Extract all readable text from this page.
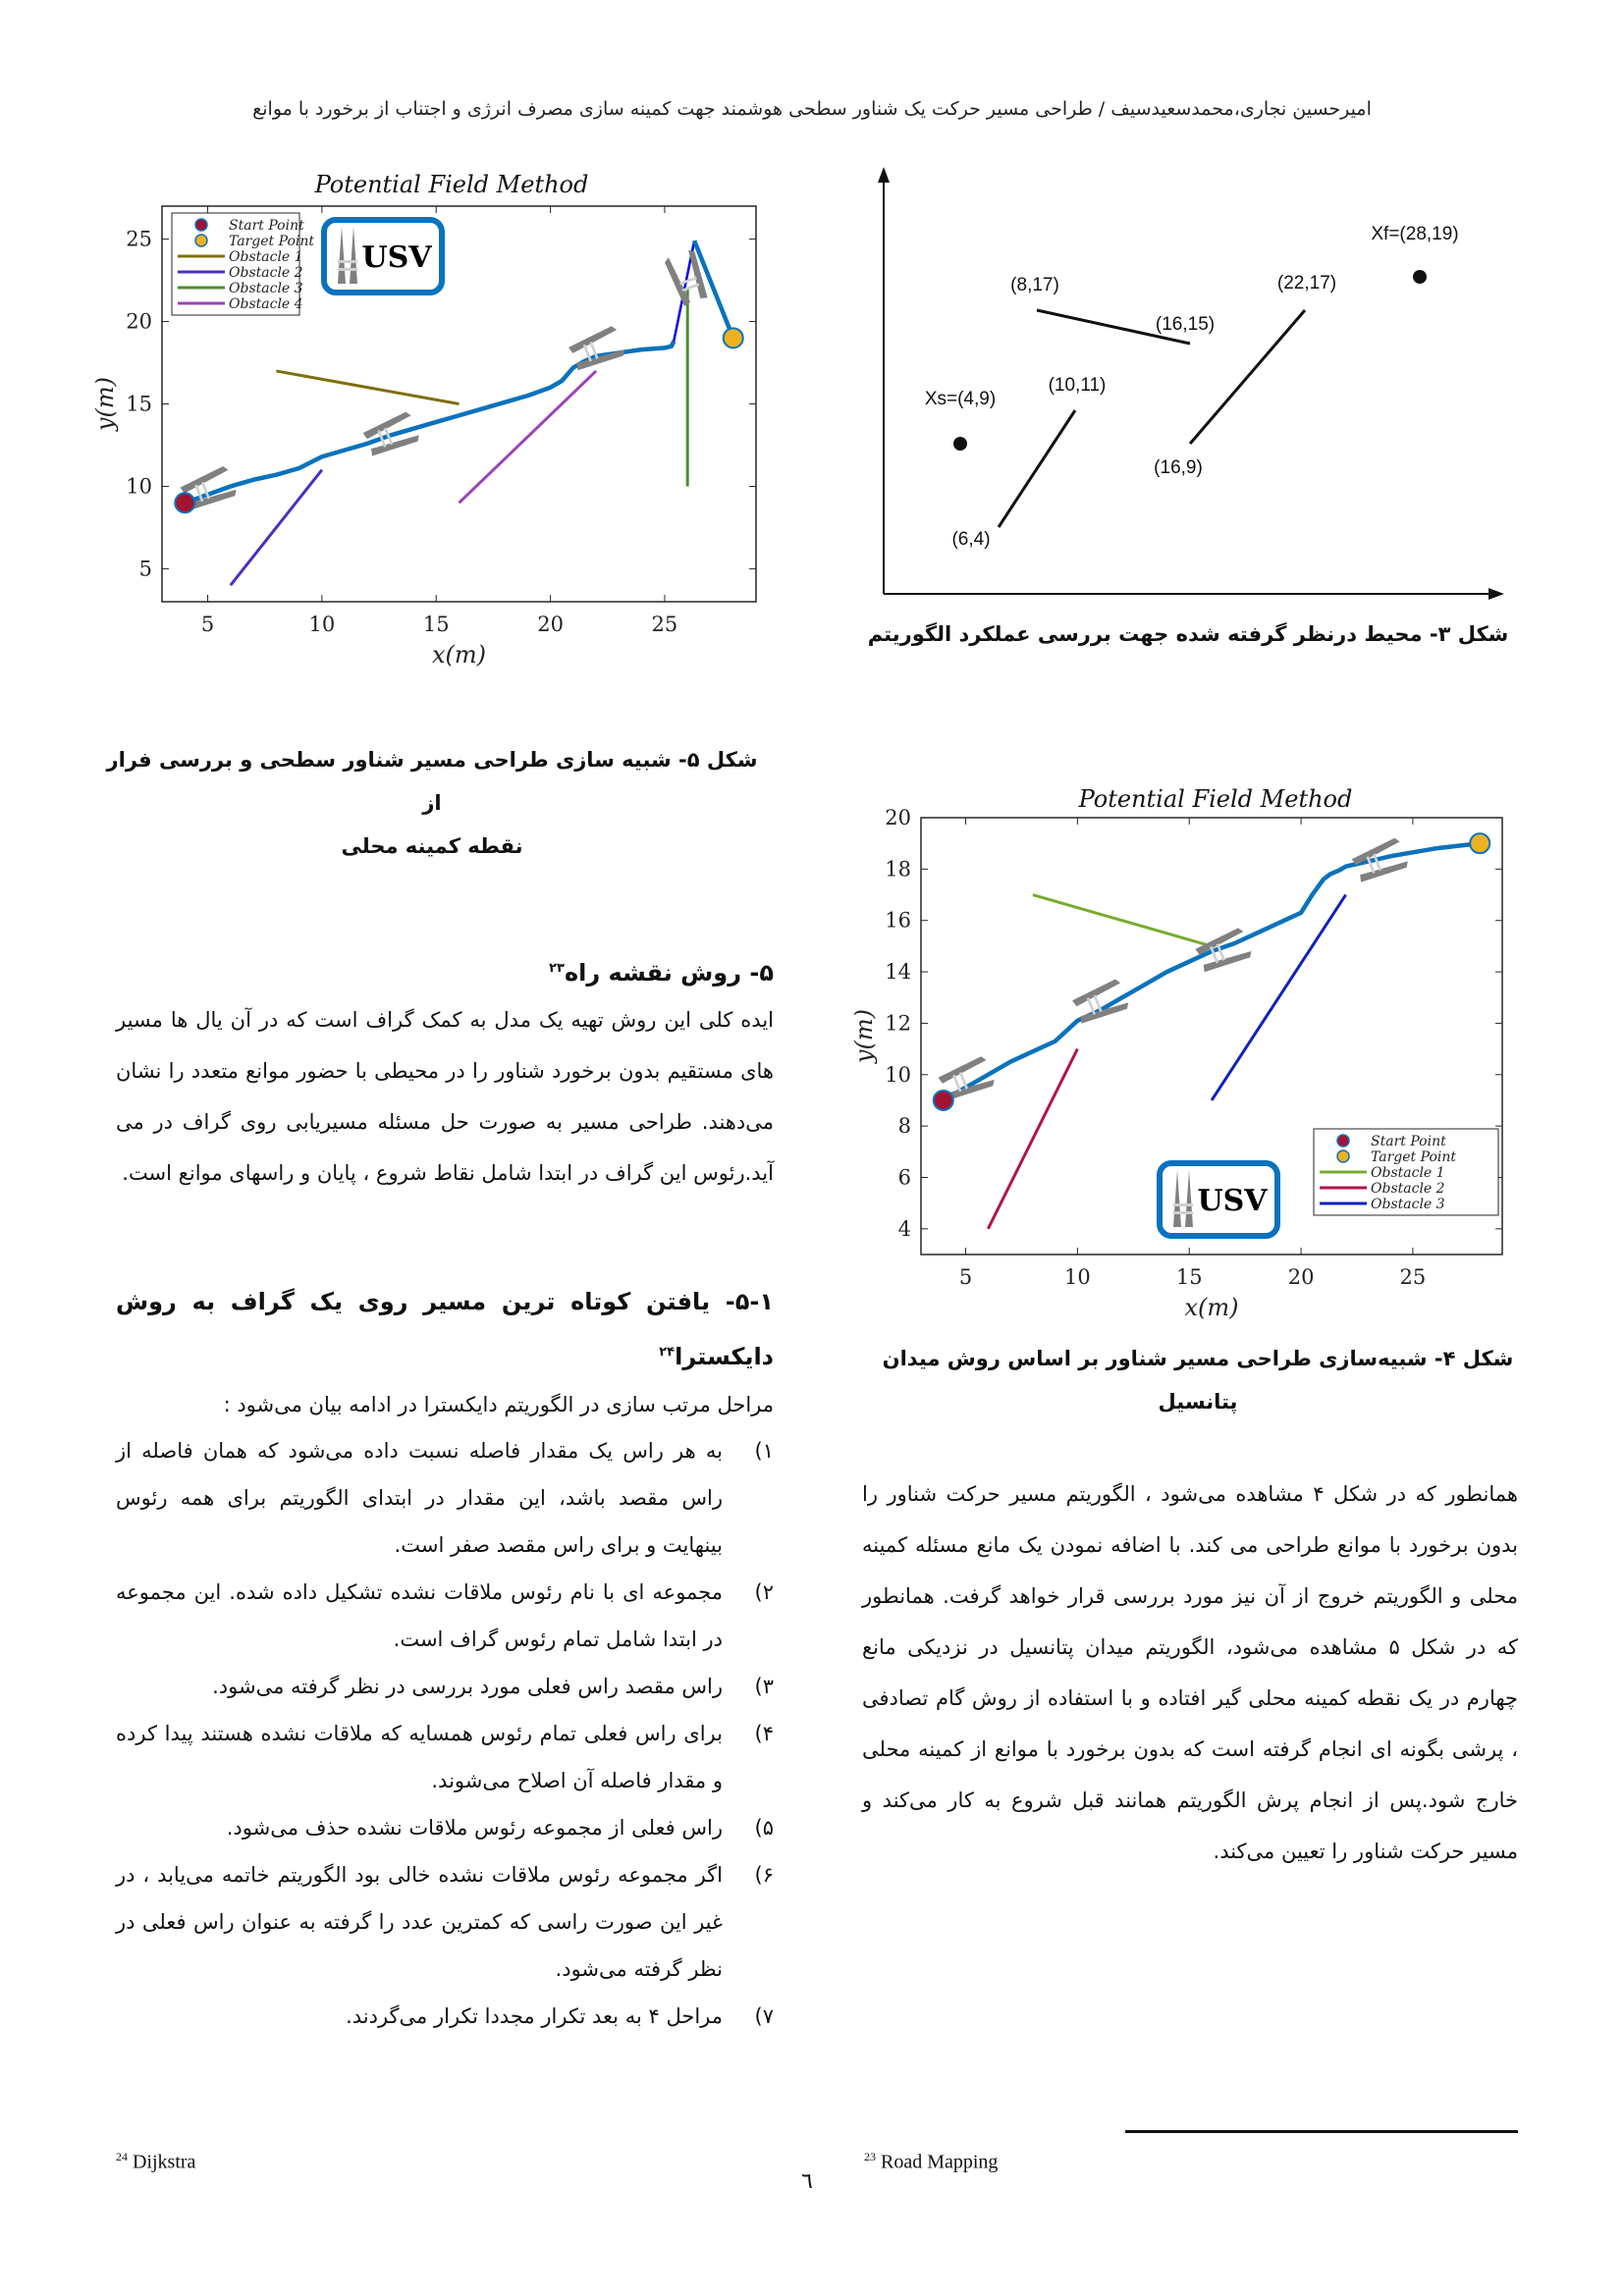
امیرحسین نجاری،محمدسعیدسیف / طراحی مسیر حرکت یک شناور سطحی هوشمند جهت کمینه سازی مصرف انرژی و اجتناب از برخورد با موانع
Potential Field Method
5	10	15	20	25
5
10
15
20
25
x(m)
y(m)
Start Point
Target Point
Obstacle 1
Obstacle 2
Obstacle 3
Obstacle 4
USV
شکل ۵- شبیه سازی طراحی مسیر شناور سطحی و بررسی فرار از
نقطه کمینه محلی
Xs=(4,9)
Xf=(28,19)
(6,4)
(10,11)
(8,17)
(16,15)
(16,9)
(22,17)
شکل ۳- محیط درنظر گرفته شده جهت بررسی عملکرد الگوریتم
Potential Field Method
5	10	15	20	25
4
6
8
10
12
14
16
18
20
x(m)
y(m)
Start Point
Target Point
Obstacle 1
Obstacle 2
Obstacle 3
USV
شکل ۴- شبیه‌سازی طراحی مسیر شناور بر اساس روش میدان
پتانسیل
۵- روش نقشه راه$^{۲۳}$
ایده کلی این روش تهیه یک مدل به کمک گراف است که در آن یال ها مسیر های مستقیم بدون برخورد شناور را در محیطی با حضور موانع متعدد را نشان می‌دهند. طراحی مسیر به صورت حل مسئله مسیریابی روی گراف در می آید.رئوس این گراف در ابتدا شامل نقاط شروع ، پایان و راسهای موانع است.
۵-۱- یافتن کوتاه ترین مسیر روی یک گراف به روش دایکسترا$^{۲۴}$
مراحل مرتب سازی در الگوریتم دایکسترا در ادامه بیان می‌شود :
۱)
به هر راس یک مقدار فاصله نسبت داده می‌شود که همان فاصله از راس مقصد باشد، این مقدار در ابتدای الگوریتم برای همه رئوس بینهایت و برای راس مقصد صفر است.
۲)
مجموعه ای با نام رئوس ملاقات نشده تشکیل داده شده. این مجموعه در ابتدا شامل تمام رئوس گراف است.
۳)
راس مقصد راس فعلی مورد بررسی در نظر گرفته می‌شود.
۴)
برای راس فعلی تمام رئوس همسایه که ملاقات نشده هستند پیدا کرده و مقدار فاصله آن اصلاح می‌شوند.
۵)
راس فعلی از مجموعه رئوس ملاقات نشده حذف می‌شود.
۶)
اگر مجموعه رئوس ملاقات نشده خالی بود الگوریتم خاتمه می‌یابد ، در غیر این صورت راسی که کمترین عدد را گرفته به عنوان راس فعلی در نظر گرفته می‌شود.
۷)
مراحل ۴ به بعد تکرار مجددا تکرار می‌گردند.
همانطور که در شکل ۴ مشاهده می‌شود ، الگوریتم مسیر حرکت شناور را بدون برخورد با موانع طراحی می کند. با اضافه نمودن یک مانع مسئله کمینه محلی و الگوریتم خروج از آن نیز مورد بررسی قرار خواهد گرفت. همانطور که در شکل ۵ مشاهده می‌شود، الگوریتم میدان پتانسیل در نزدیکی مانع چهارم در یک نقطه کمینه محلی گیر افتاده و با استفاده از روش گام تصادفی ، پرشی بگونه ای انجام گرفته است که بدون برخورد با موانع از کمینه محلی خارج شود.پس از انجام پرش الگوریتم همانند قبل شروع به کار می‌کند و مسیر حرکت شناور را تعیین می‌کند.
$^{23}$ Road Mapping
$^{24}$ Dijkstra
٦
